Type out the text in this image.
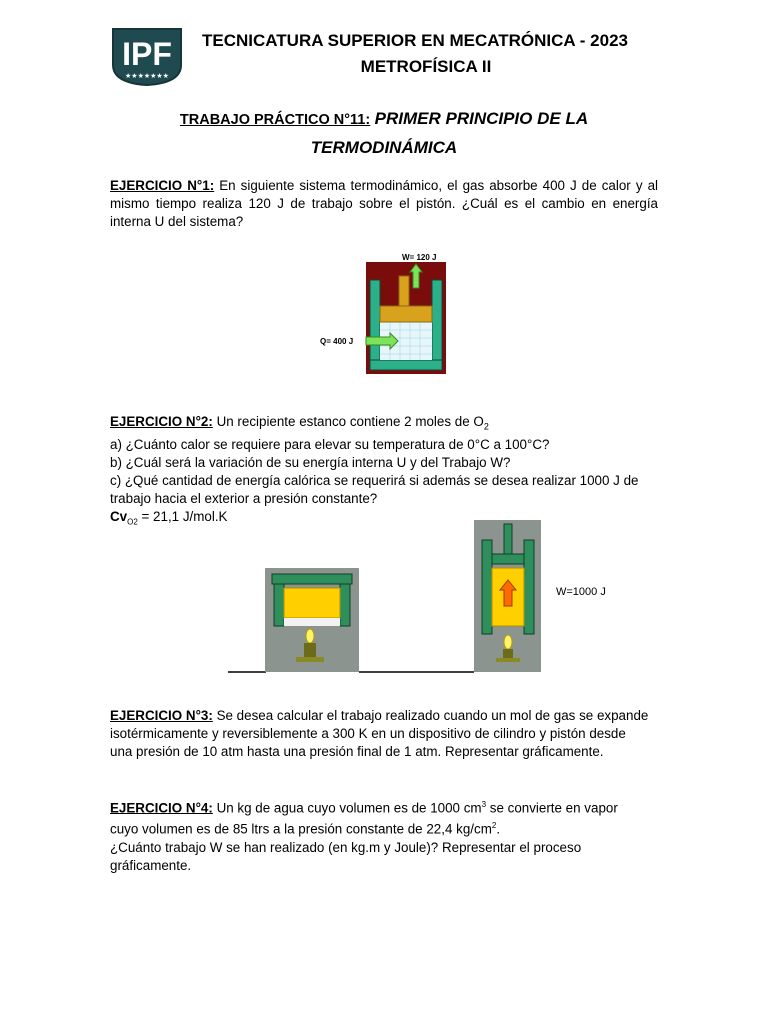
IPF
★★★★★★★
TECNICATURA SUPERIOR EN MECATRÓNICA - 2023
METROFÍSICA II
TRABAJO PRÁCTICO N°11: PRIMER PRINCIPIO DE LA
TERMODINÁMICA
EJERCICIO N°1: En siguiente sistema termodinámico, el gas absorbe 400 J de calor y al mismo tiempo realiza 120 J de trabajo sobre el pistón. ¿Cuál es el cambio en energía interna U del sistema?
W= 120 J
Q= 400 J
EJERCICIO N°2: Un recipiente estanco contiene 2 moles de $O_2$
a) ¿Cuánto calor se requiere para elevar su temperatura de 0°C a 100°C?
b) ¿Cuál será la variación de su energía interna U y del Trabajo W?
c) ¿Qué cantidad de energía calórica se requerirá si además se desea realizar 1000 J de
trabajo hacia el exterior a presión constante?
$Cv_{O2} = 21,1$ J/mol.K
W=1000 J
EJERCICIO N°3: Se desea calcular el trabajo realizado cuando un mol de gas se expande
isotérmicamente y reversiblemente a 300 K en un dispositivo de cilindro y pistón desde
una presión de 10 atm hasta una presión final de 1 atm. Representar gráficamente.
EJERCICIO N°4: Un kg de agua cuyo volumen es de 1000 $cm^3$ se convierte en vapor
cuyo volumen es de 85 ltrs a la presión constante de 22,4 $kg/cm^2$.
¿Cuánto trabajo W se han realizado (en kg.m y Joule)? Representar el proceso
gráficamente.
